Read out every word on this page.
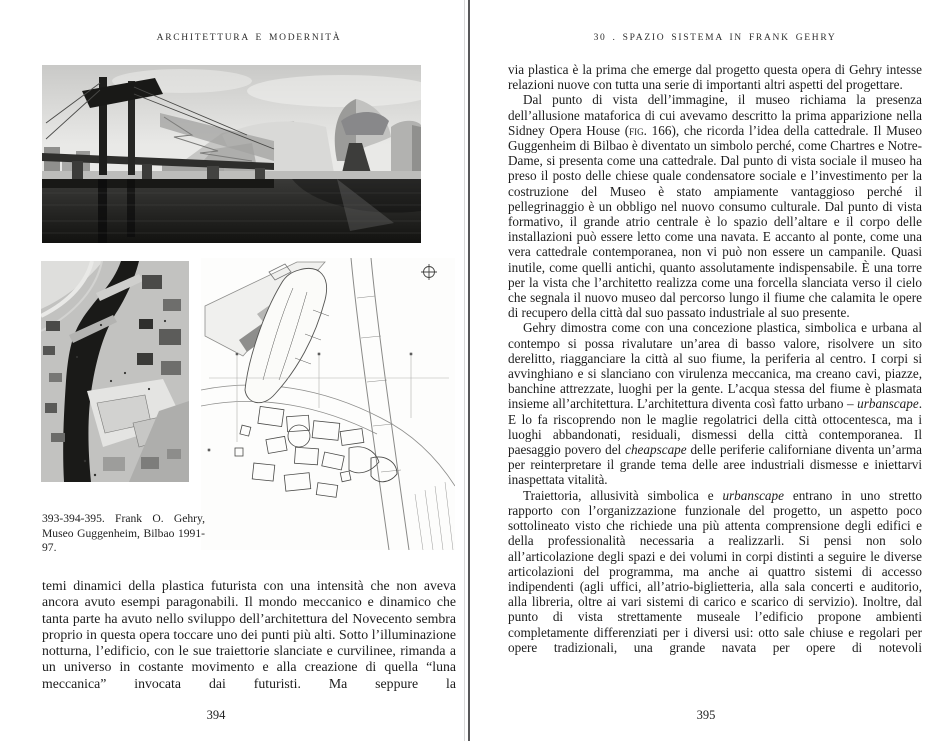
ARCHITETTURA E MODERNITÀ
393-394-395. Frank O. Gehry, Museo Guggenheim, Bilbao 1991-97.

temi dinamici della plastica futurista con una intensità che non aveva ancora avuto esempi paragonabili. Il mondo meccanico e dinamico che tanta parte ha avuto nello sviluppo dell’architettura del Novecento sembra proprio in questa opera toccare uno dei punti più alti. Sotto l’illuminazione notturna, l’edificio, con le sue traiettorie slanciate e curvilinee, rimanda a un universo in costante movimento e alla creazione di quella “luna meccanica” invocata dai futuristi. Ma seppure la

394
30 . SPAZIO SISTEMA IN FRANK GEHRY

via plastica è la prima che emerge dal progetto questa opera di Gehry intesse relazioni nuove con tutta una serie di importanti altri aspetti del progettare.

Dal punto di vista dell’immagine, il museo richiama la presenza dell’allusione mataforica di cui avevamo descritto la prima apparizione nella Sidney Opera House (fig. 166), che ricorda l’idea della cattedrale. Il Museo Guggenheim di Bilbao è diventato un simbolo perché, come Chartres e Notre-Dame, si presenta come una cattedrale. Dal punto di vista sociale il museo ha preso il posto delle chiese quale condensatore sociale e l’investimento per la costruzione del Museo è stato ampiamente vantaggioso perché il pellegrinaggio è un obbligo nel nuovo consumo culturale. Dal punto di vista formativo, il grande atrio centrale è lo spazio dell’altare e il corpo delle installazioni può essere letto come una navata. E accanto al ponte, come una vera cattedrale contemporanea, non vi può non essere un campanile. Quasi inutile, come quelli antichi, quanto assolutamente indispensabile. È una torre per la vista che l’architetto realizza come una forcella slanciata verso il cielo che segnala il nuovo museo dal percorso lungo il fiume che calamita le opere di recupero della città dal suo passato industriale al suo presente.

Gehry dimostra come con una concezione plastica, simbolica e urbana al contempo si possa rivalutare un’area di basso valore, risolvere un sito derelitto, riagganciare la città al suo fiume, la periferia al centro. I corpi si avvinghiano e si slanciano con virulenza meccanica, ma creano cavi, piazze, banchine attrezzate, luoghi per la gente. L’acqua stessa del fiume è plasmata insieme all’architettura. L’architettura diventa così fatto urbano – urbanscape. E lo fa riscoprendo non le maglie regolatrici della città ottocentesca, ma i luoghi abbandonati, residuali, dismessi della città contemporanea. Il paesaggio povero del cheapscape delle periferie californiane diventa un’arma per reinterpretare il grande tema delle aree industriali dismesse e iniettarvi inaspettata vitalità.

Traiettoria, allusività simbolica e urbanscape entrano in uno stretto rapporto con l’organizzazione funzionale del progetto, un aspetto poco sottolineato visto che richiede una più attenta comprensione degli edifici e della professionalità necessaria a realizzarli. Si pensi non solo all’articolazione degli spazi e dei volumi in corpi distinti a seguire le diverse articolazioni del programma, ma anche ai quattro sistemi di accesso indipendenti (agli uffici, all’atrio-biglietteria, alla sala concerti e auditorio, alla libreria, oltre ai vari sistemi di carico e scarico di servizio). Inoltre, dal punto di vista strettamente museale l’edificio propone ambienti completamente differenziati per i diversi usi: otto sale chiuse e regolari per opere tradizionali, una grande navata per opere di notevoli

395
